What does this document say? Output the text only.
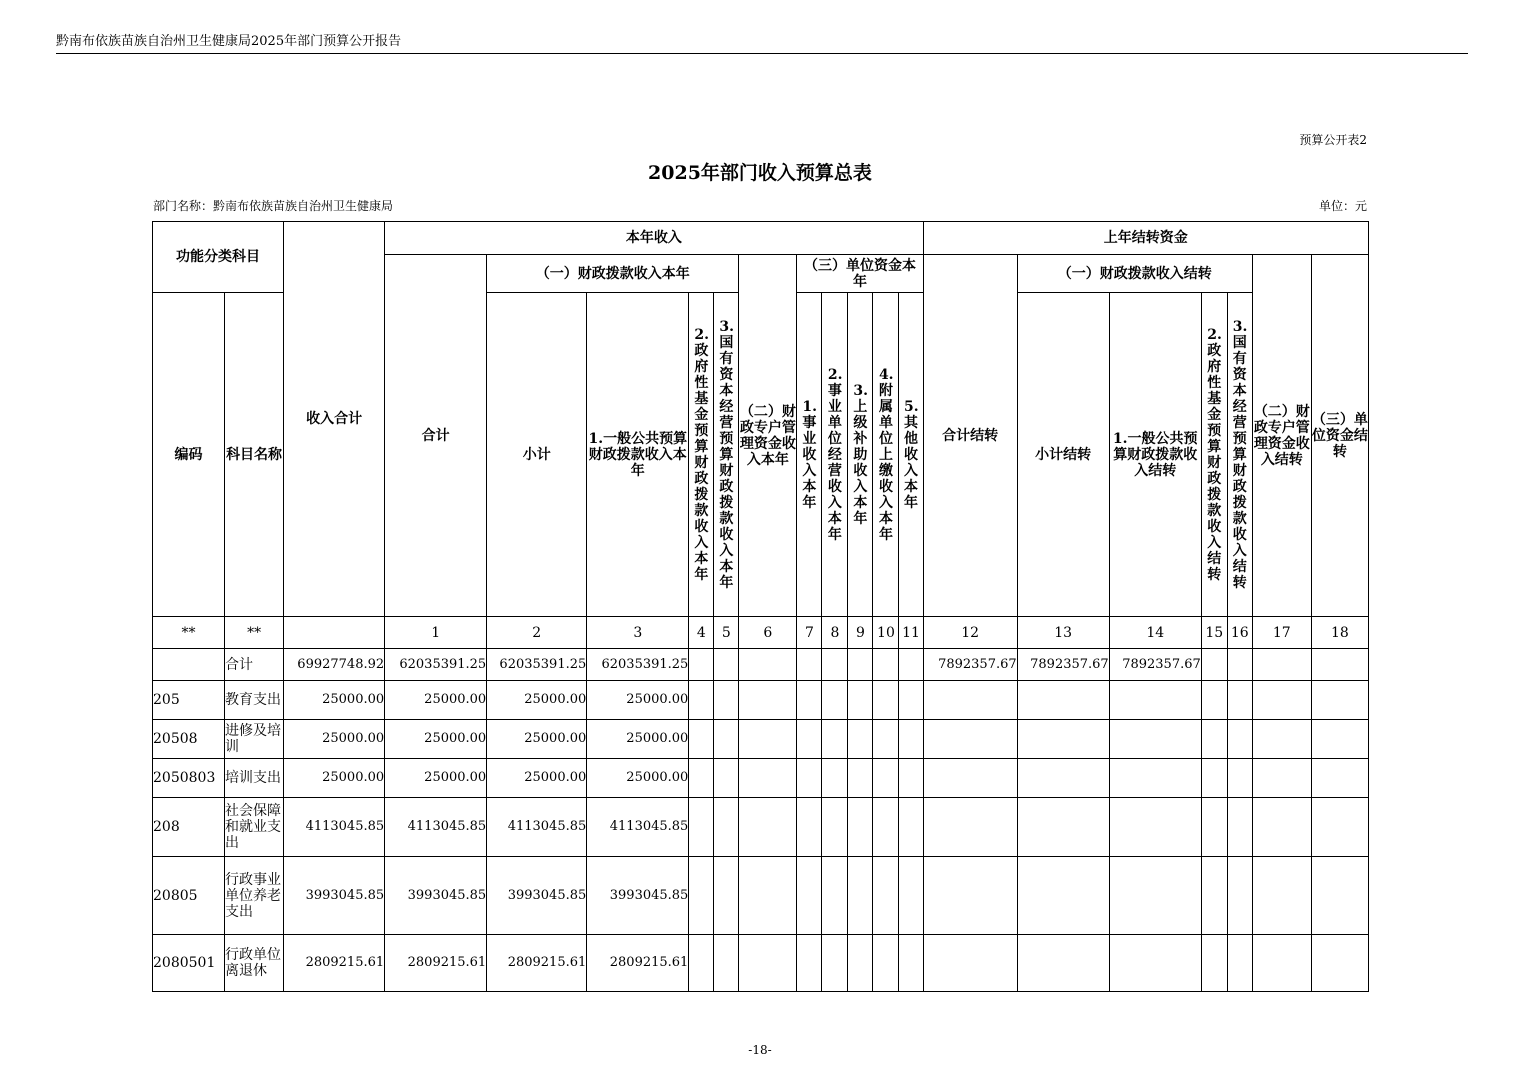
黔南布依族苗族自治州卫生健康局2025年部门预算公开报告
预算公开表2
2025年部门收入预算总表
部门名称：黔南布依族苗族自治州卫生健康局	单位：元
功能分类科目		收入合计	本年收入											上年结转资金						
			合计	（一）财政拨款收入本年				（二）财政专户管理资金收入本年	（三）单位资金本年					合计结转	（一）财政拨款收入结转				（二）财政专户管理资金收入结转	（三）单位资金结转
编码	科目名称			小计	1.一般公共预算财政拨款收入本年	2.政府性基金预算财政拨款收入本年	3.国有资本经营预算财政拨款收入本年		1.事业收入本年	2.事业单位经营收入本年	3.上级补助收入本年	4.附属单位上缴收入本年	5.其他收入本年		小计结转	1.一般公共预算财政拨款收入结转	2.政府性基金预算财政拨款收入结转	3.国有资本经营预算财政拨款收入结转		

**	**		1	2	3	4	5	6	7	8	9	10	11	12	13	14	15	16	17	18
	合计	69927748.92	62035391.25	62035391.25	62035391.25									7892357.67	7892357.67	7892357.67				
205	教育支出	25000.00	25000.00	25000.00	25000.00															
20508	进修及培训	25000.00	25000.00	25000.00	25000.00															
2050803	培训支出	25000.00	25000.00	25000.00	25000.00															
208	社会保障和就业支出	4113045.85	4113045.85	4113045.85	4113045.85															
20805	行政事业单位养老支出	3993045.85	3993045.85	3993045.85	3993045.85															
2080501	行政单位离退休	2809215.61	2809215.61	2809215.61	2809215.61															
-18-
